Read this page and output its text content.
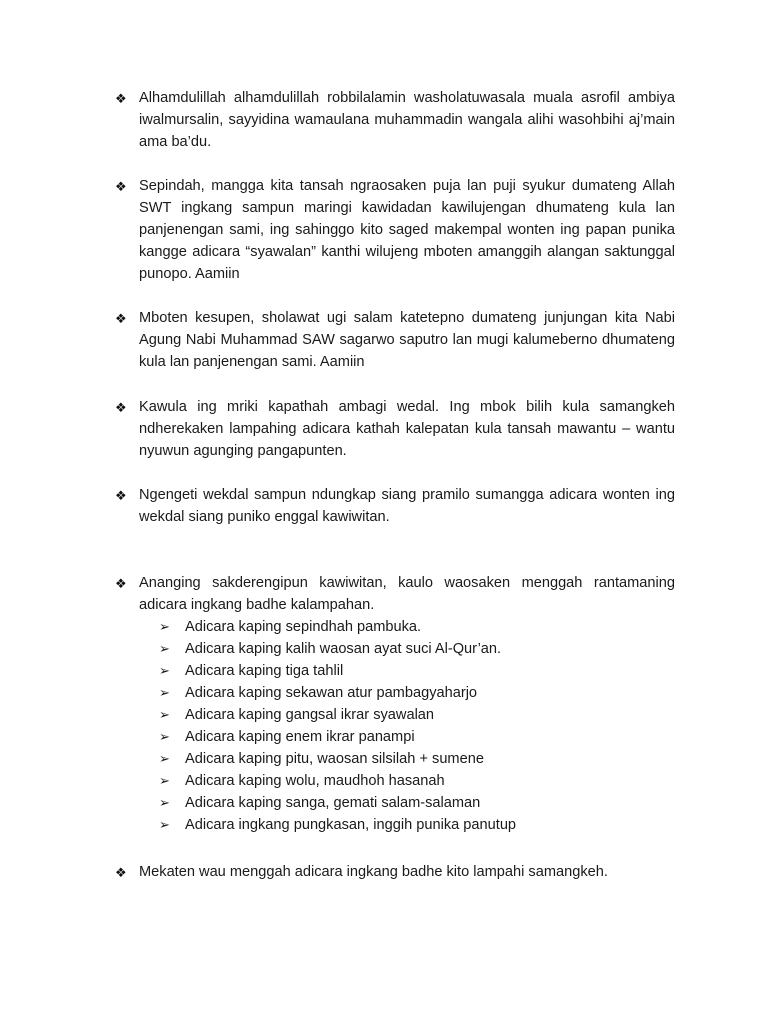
❖ Alhamdulillah alhamdulillah robbilalamin washolatuwasala muala asrofil ambiya iwalmursalin, sayyidina wamaulana muhammadin wangala alihi wasohbihi aj’main ama ba’du.
❖ Sepindah, mangga kita tansah ngraosaken puja lan puji syukur dumateng Allah SWT ingkang sampun maringi kawidadan kawilujengan dhumateng kula lan panjenengan sami, ing sahinggo kito saged makempal wonten ing papan punika kangge adicara “syawalan” kanthi wilujeng mboten amanggih alangan saktunggal punopo. Aamiin
❖ Mboten kesupen, sholawat ugi salam katetepno dumateng junjungan kita Nabi Agung Nabi Muhammad SAW sagarwo saputro lan mugi kalumeberno dhumateng kula lan panjenengan sami. Aamiin
❖ Kawula ing mriki kapathah ambagi wedal. Ing mbok bilih kula samangkeh ndherekaken lampahing adicara kathah kalepatan kula tansah mawantu – wantu nyuwun agunging pangapunten.
❖ Ngengeti wekdal sampun ndungkap siang pramilo sumangga adicara wonten ing wekdal siang puniko enggal kawiwitan.
❖ Ananging sakderengipun kawiwitan, kaulo waosaken menggah rantamaning adicara ingkang badhe kalampahan.
➢ Adicara kaping sepindhah pambuka.
➢ Adicara kaping kalih waosan ayat suci Al-Qur’an.
➢ Adicara kaping tiga tahlil
➢ Adicara kaping sekawan atur pambagyaharjo
➢ Adicara kaping gangsal ikrar syawalan
➢ Adicara kaping enem ikrar panampi
➢ Adicara kaping pitu, waosan silsilah + sumene
➢ Adicara kaping wolu, maudhoh hasanah
➢ Adicara kaping sanga, gemati salam-salaman
➢ Adicara ingkang pungkasan, inggih punika panutup
❖ Mekaten wau menggah adicara ingkang badhe kito lampahi samangkeh.
